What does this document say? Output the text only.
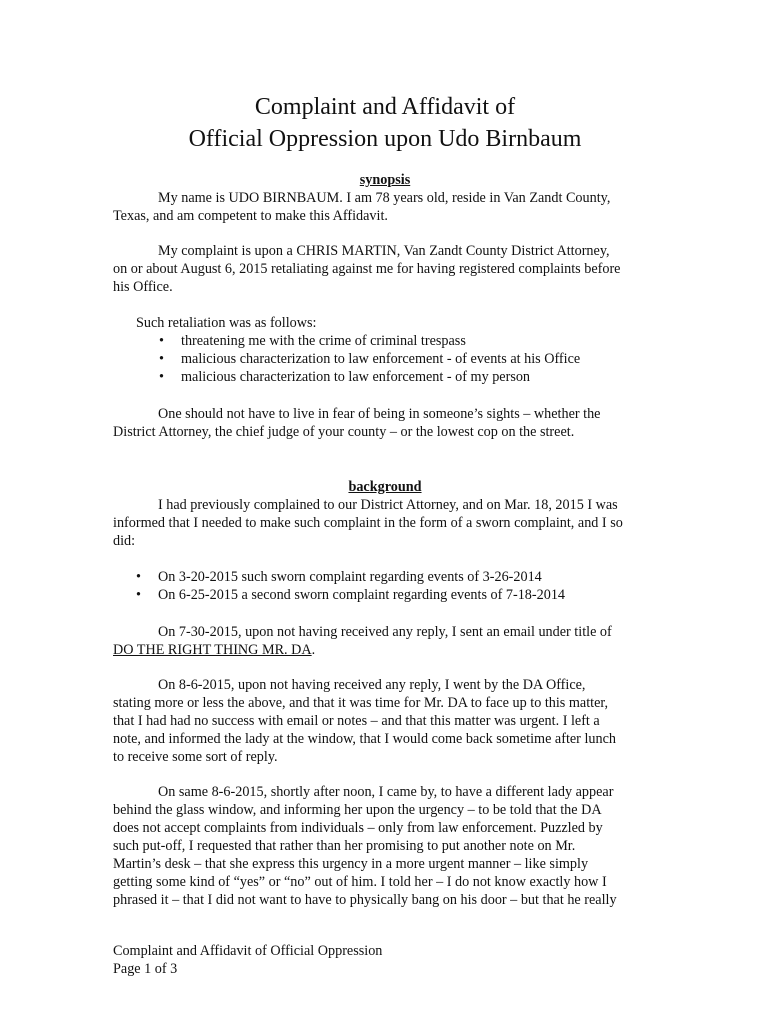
Complaint and Affidavit of
Official Oppression upon Udo Birnbaum
synopsis
My name is UDO BIRNBAUM. I am 78 years old, reside in Van Zandt County,
Texas, and am competent to make this Affidavit.
My complaint is upon a CHRIS MARTIN, Van Zandt County District Attorney,
on or about August 6, 2015 retaliating against me for having registered complaints before
his Office.
Such retaliation was as follows:
• threatening me with the crime of criminal trespass
• malicious characterization to law enforcement - of events at his Office
• malicious characterization to law enforcement - of my person
One should not have to live in fear of being in someone’s sights – whether the
District Attorney, the chief judge of your county – or the lowest cop on the street.
background
I had previously complained to our District Attorney, and on Mar. 18, 2015 I was
informed that I needed to make such complaint in the form of a sworn complaint, and I so
did:
• On 3-20-2015 such sworn complaint regarding events of 3-26-2014
• On 6-25-2015 a second sworn complaint regarding events of 7-18-2014
On 7-30-2015, upon not having received any reply, I sent an email under title of
DO THE RIGHT THING MR. DA.
On 8-6-2015, upon not having received any reply, I went by the DA Office,
stating more or less the above, and that it was time for Mr. DA to face up to this matter,
that I had had no success with email or notes – and that this matter was urgent. I left a
note, and informed the lady at the window, that I would come back sometime after lunch
to receive some sort of reply.
On same 8-6-2015, shortly after noon, I came by, to have a different lady appear
behind the glass window, and informing her upon the urgency – to be told that the DA
does not accept complaints from individuals – only from law enforcement. Puzzled by
such put-off, I requested that rather than her promising to put another note on Mr.
Martin’s desk – that she express this urgency in a more urgent manner – like simply
getting some kind of “yes” or “no” out of him. I told her – I do not know exactly how I
phrased it – that I did not want to have to physically bang on his door – but that he really
Complaint and Affidavit of Official Oppression
Page 1 of 3
